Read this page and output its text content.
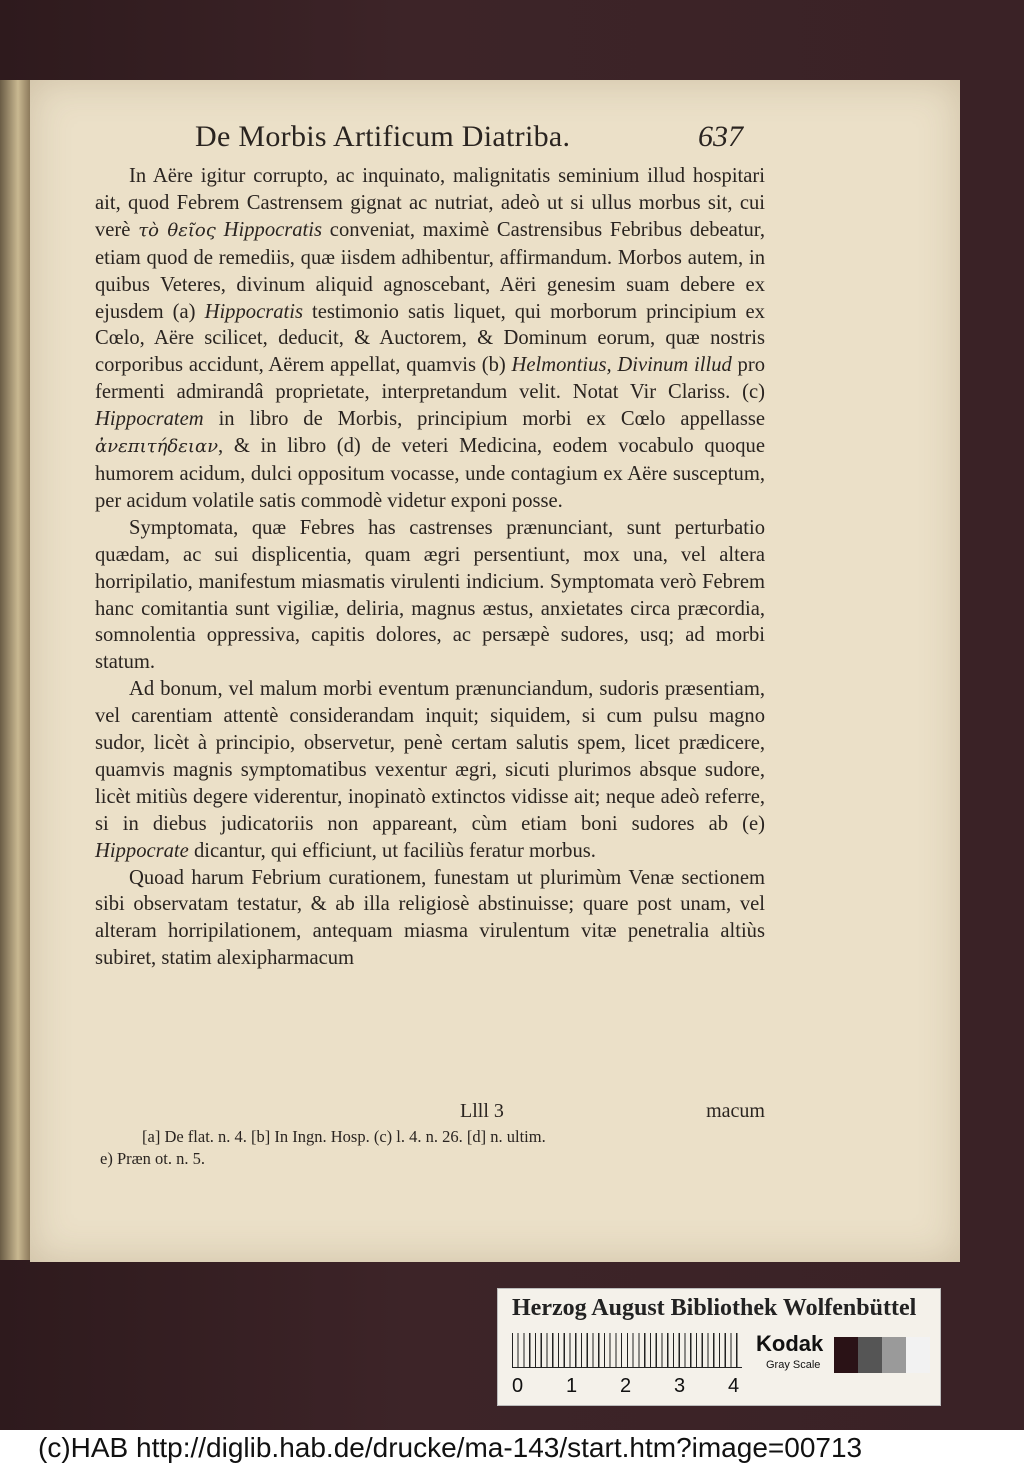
De Morbis Artificum Diatriba.	637

In Aëre igitur corrupto, ac inquinato, malignitatis seminium illud hospitari ait, quod Febrem Castrensem gignat ac nutriat, adeò ut si ullus morbus sit, cui verè τὸ θεῖος Hippocratis conveniat, maximè Castrensibus Febribus debeatur, etiam quod de remediis, quæ iisdem adhibentur, affirmandum. Morbos autem, in quibus Veteres, divinum aliquid agnoscebant, Aëri genesim suam debere ex ejusdem (a) Hippocratis testimonio satis liquet, qui morborum principium ex Cœlo, Aëre scilicet, deducit, & Auctorem, & Dominum eorum, quæ nostris corporibus accidunt, Aërem appellat, quamvis (b) Helmontius, Divinum illud pro fermenti admirandâ proprietate, interpretandum velit. Notat Vir Clariss. (c) Hippocratem in libro de Morbis, principium morbi ex Cœlo appellasse ἀνεπιτήδειαν, & in libro (d) de veteri Medicina, eodem vocabulo quoque humorem acidum, dulci oppositum vocasse, unde contagium ex Aëre susceptum, per acidum volatile satis commodè videtur exponi posse.

Symptomata, quæ Febres has castrenses prænunciant, sunt perturbatio quædam, ac sui displicentia, quam ægri persentiunt, mox una, vel altera horripilatio, manifestum miasmatis virulenti indicium. Symptomata verò Febrem hanc comitantia sunt vigiliæ, deliria, magnus æstus, anxietates circa præcordia, somnolentia oppressiva, capitis dolores, ac persæpè sudores, usq; ad morbi statum.

Ad bonum, vel malum morbi eventum prænunciandum, sudoris præsentiam, vel carentiam attentè considerandam inquit; siquidem, si cum pulsu magno sudor, licèt à principio, observetur, penè certam salutis spem, licet prædicere, quamvis magnis symptomatibus vexentur ægri, sicuti plurimos absque sudore, licèt mitiùs degere viderentur, inopinatò extinctos vidisse ait; neque adeò referre, si in diebus judicatoriis non appareant, cùm etiam boni sudores ab (e) Hippocrate dicantur, qui efficiunt, ut faciliùs feratur morbus.

Quoad harum Febrium curationem, funestam ut plurimùm Venæ sectionem sibi observatam testatur, & ab illa religiosè abstinuisse; quare post unam, vel alteram horripilationem, antequam miasma virulentum vitæ penetralia altiùs subiret, statim alexipharmacum

Llll 3	macum
[a] De flat. n. 4. [b] In Ingn. Hosp. (c) l. 4. n. 26. [d] n. ultim.
e) Præn ot. n. 5.
Herzog August Bibliothek Wolfenbüttel
0 1 2 3 4
Kodak
Gray Scale
(c)HAB http://diglib.hab.de/drucke/ma-143/start.htm?image=00713
